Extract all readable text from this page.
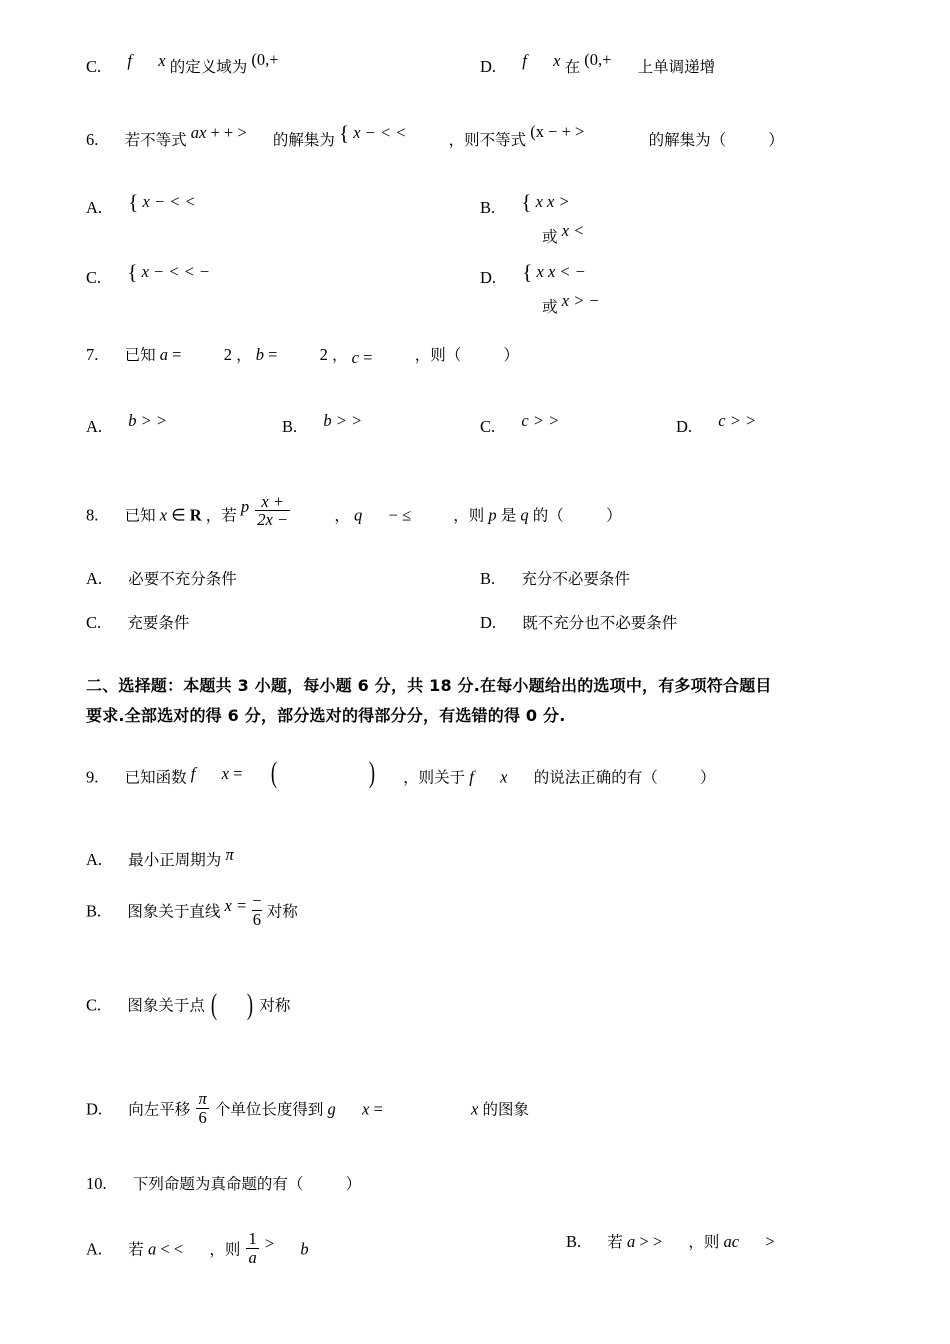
C. f x 的定义域为 (0,+	D. f x 在 (0,+ 上单调递增
6. 若不等式 ax + + > 的解集为 { x − < <	，则不等式 (x − + >	的解集为（	）
A. { x − < <	B. { x x >
或 x <
C. { x − < < −	D. { x x < −
或 x > −
7. 已知 a =	2 ， b =	2 ， c =	，则（	）
A. b > >	B. b > >	C. c > >	D. c > >
8. 已知 x ∈ R ，若 p $\frac{x +}{2x -}$	， q − ≤	，则 p 是 q 的（	）
A. 必要不充分条件	B. 充分不必要条件
C. 充要条件	D. 既不充分也不必要条件
二、选择题：本题共 3 小题，每小题 6 分，共 18 分.在每小题给出的选项中，有多项符合题目
要求.全部选对的得 6 分，部分选对的得部分分，有选错的得 0 分.
9. 已知函数 f x = (	) ，则关于 f x 的说法正确的有（	）
A. 最小正周期为 π
B. 图象关于直线 $x = \frac{-}{6}$ 对称
C. 图象关于点 ( ) 对称
D. 向左平移 $\frac{\pi}{6}$ 个单位长度得到 g x =	x 的图象
10. 下列命题为真命题的有（	）
A. 若 a < < ，则 $\frac{1}{a} > b$	B. 若 a > > ，则 ac >
